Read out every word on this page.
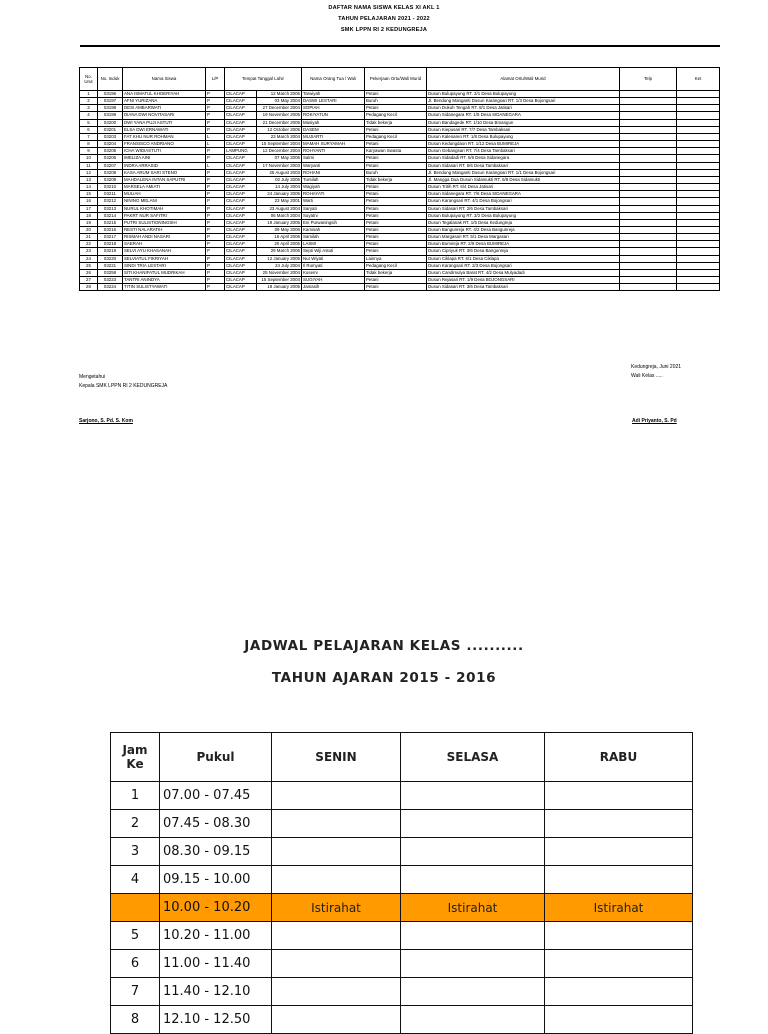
DAFTAR NAMA SISWA KELAS XI AKL 1
TAHUN PELAJARAN 2021 - 2022
SMK LPPN RI 2 KEDUNGREJA
No. Urut	No. Induk	Nama Siswa	L/P	Tempat Tanggal Lahir		Nama Orang Tua / Wali	Pekerjaan Ortu/Wali Murid	Alamat Ortu/Wali Murid	Telp	Ket
1	03196	ANA ISMATUL KHOERIYAH	P	CILACAP	12 March 2005	Tarwiyah	Petani	Dusun Bulupayung RT. 3/1 Desa Bulupayung		
2	03197	AFNI YURIZANA	P	CILACAP	03 May 2004	DASWI LESTARI	Buruh	Jl. Bendung Manganti Dusun Karangsari RT. 1/3 Desa Bojongsari		
3	03198	DESI AMBARWATI	P	CILACAP	27 December 2004	SOPIAH	Petani	Dusun Dukuh Tengah RT. 8/1 Desa Jatisari		
4	03199	DIANA DWI NOVITASARI	P	CILACAP	19 November 2005	ROKIYATUN	Pedagang Kecil	Dusun Sidanegara RT. 1/5 Desa SIDANEGARA		
5	03200	DWI YANA PUJI ASTUTI	P	CILACAP	21 December 2005	Masiyah	Tidak bekerja	Dusun Bandagede RT. 1/10 Desa Bmangun		
6	03201	ELSA DWI ERNAWATI	P	CILACAP	12 October 2005	DASEM	Petani	Dusun Kiepusari RT. 7/7 Desa Tambaksari		
7	03203	FAT KHU NUR ROHMAN	L	CILACAP	23 March 2004	MUJIARTI	Pedagang Kecil	Dusun Kalenaren RT. 1/8 Desa Bulupayung		
8	03204	FRANSISCO ANDRIANO	L	CILACAP	15 September 2004	MAMAH SURYAMAH	Petani	Dusun Kedungdaon RT. 1/12 Desa BUMIREJA		
9	03205	ICHA WIDIASTUTI	P	LAMPUNG	12 December 2004	ROHYANTI	Karyawan Swasta	Dusun Gebangsari RT. 7/4 Desa Tambaksari		
10	03206	IMELIZA AINI	P	CILACAP	07 May 2006	Salmi	Petani	Dusun Sidadadi RT. 5/6 Desa Sidanegara		
11	03207	INDRA ARRASID	L	CILACAP	17 November 2003	Waryanti	Petani	Dusun Sidasari RT. 5/6 Desa Tambaksari		
12	03208	KASA ARUM SARI STENO	P	CILACAP	25 August 2003	ROHANI	Buruh	Jl. Bendung Manganti Dusun Karangsari RT. 1/1 Desa Bojongsari		
13	03209	MAHDALENA INTAN SAPUTRI	P	CILACAP	02 July 2005	Tursilah	Tidak bekerja	Jl. Mangga Dua Dusun Sidamukti RT. 5/8 Desa Sidamukti		
14	03210	MARSELA AMIATI	P	CILACAP	14 July 2004	Wagiyah	Petani	Dusun Tritih RT. 6/4 Desa Jatisari		
15	03211	MULIAH	P	CILACAP	24 January 2005	ROHAYATI	Petani	Dusun Sidanegara RT. 7/6 Desa SIDANEGARA		
16	03212	NINING MELANI	P	CILACAP	23 May 2001	Warti	Petani	Dusun Karangsari RT. 4/1 Desa Bojongsari		
17	03213	NURUL KHOTIMAH	P	CILACAP	23 August 2004	Saryati	Petani	Dusun Sidasari RT. 2/6 Desa Tambaksari		
18	03214	PAKRT NUR SAFITRI	P	CILACAP	06 March 2004	Suyatni	Petani	Dusun Bulupayung RT. 3/2 Desa Bulupayung		
19	03215	PUTRI SULISTIONINGSIH	P	CILACAP	19 January 2005	Eni Purwaningsih	Petani	Dusun Tegalanak RT. 1/5 Desa Kedungreja		
20	03216	RESTI NALARATIH	P	CILACAP	09 May 2006	Kamisah	Petani	Dusun Bangunreja RT. 4/2 Desa Bangunreja		
21	03217	RISMAH ANDI NASARI	P	CILACAP	16 April 2006	Samilah	Petani	Dusun Margasari RT. 5/1 Desa Margasari		
22	03218	SAERAH	P	CILACAP	20 April 2005	LASMI	Petani	Dusun Bumireja RT. 2/9 Desa BUMIREJA		
23	03219	SELVI AYU KHASANAH	P	CILACAP	29 March 2006	Septi Wiji Astuti	Petani	Dusun Cipriyuk RT. 3/6 Desa Bangunreja		
24	03220	SELVIATUL FIKRIYAH	P	CILACAP	12 January 2005	Nur Wiyati	Lainnya	Dusun Ciklapa RT. 6/1 Desa Ciklapa		
25	03221	SINDI TRIA LESTARI	P	CILACAP	24 July 2004	Il Rumyati	Pedagang Kecil	Dusun Karangsari RT. 2/3 Desa Bojongsari		
26	03259	SITI KHANIFATUL MUDRIKAH	P	CILACAP	25 November 2004	Kusemi	Tidak bekerja	Dusun Candimulya Barat RT. 4/2 Desa Mulyadadi		
27	03223	TANTRI ANINDYA	P	CILACAP	15 September 2004	SUGIYAH	Petani	Dusun Rejasari RT. 1/9 Desa BOJONGSARI		
28	03224	TITIN SULISTYAWATI	P	CILACAP	18 January 2005	Jamasih	Petani	Dusun Sidasari RT. 3/6 Desa Tambaksari		
Kedungreja, Juni 2021
Wali Kelas .....
Mengetahui
Kepala SMK LPPN RI 2 KEDUNGREJA
Sarjono, S. Pd. S. Kom	Adi Priyanto, S. Pd
JADWAL PELAJARAN KELAS ..........
TAHUN AJARAN 2015 - 2016
Jam Ke	Pukul	SENIN	SELASA	RABU
1	07.00 - 07.45			
2	07.45 - 08.30			
3	08.30 - 09.15			
4	09.15 - 10.00			
	10.00 - 10.20	Istirahat	Istirahat	Istirahat
5	10.20 - 11.00			
6	11.00 - 11.40			
7	11.40 - 12.10			
8	12.10 - 12.50			
